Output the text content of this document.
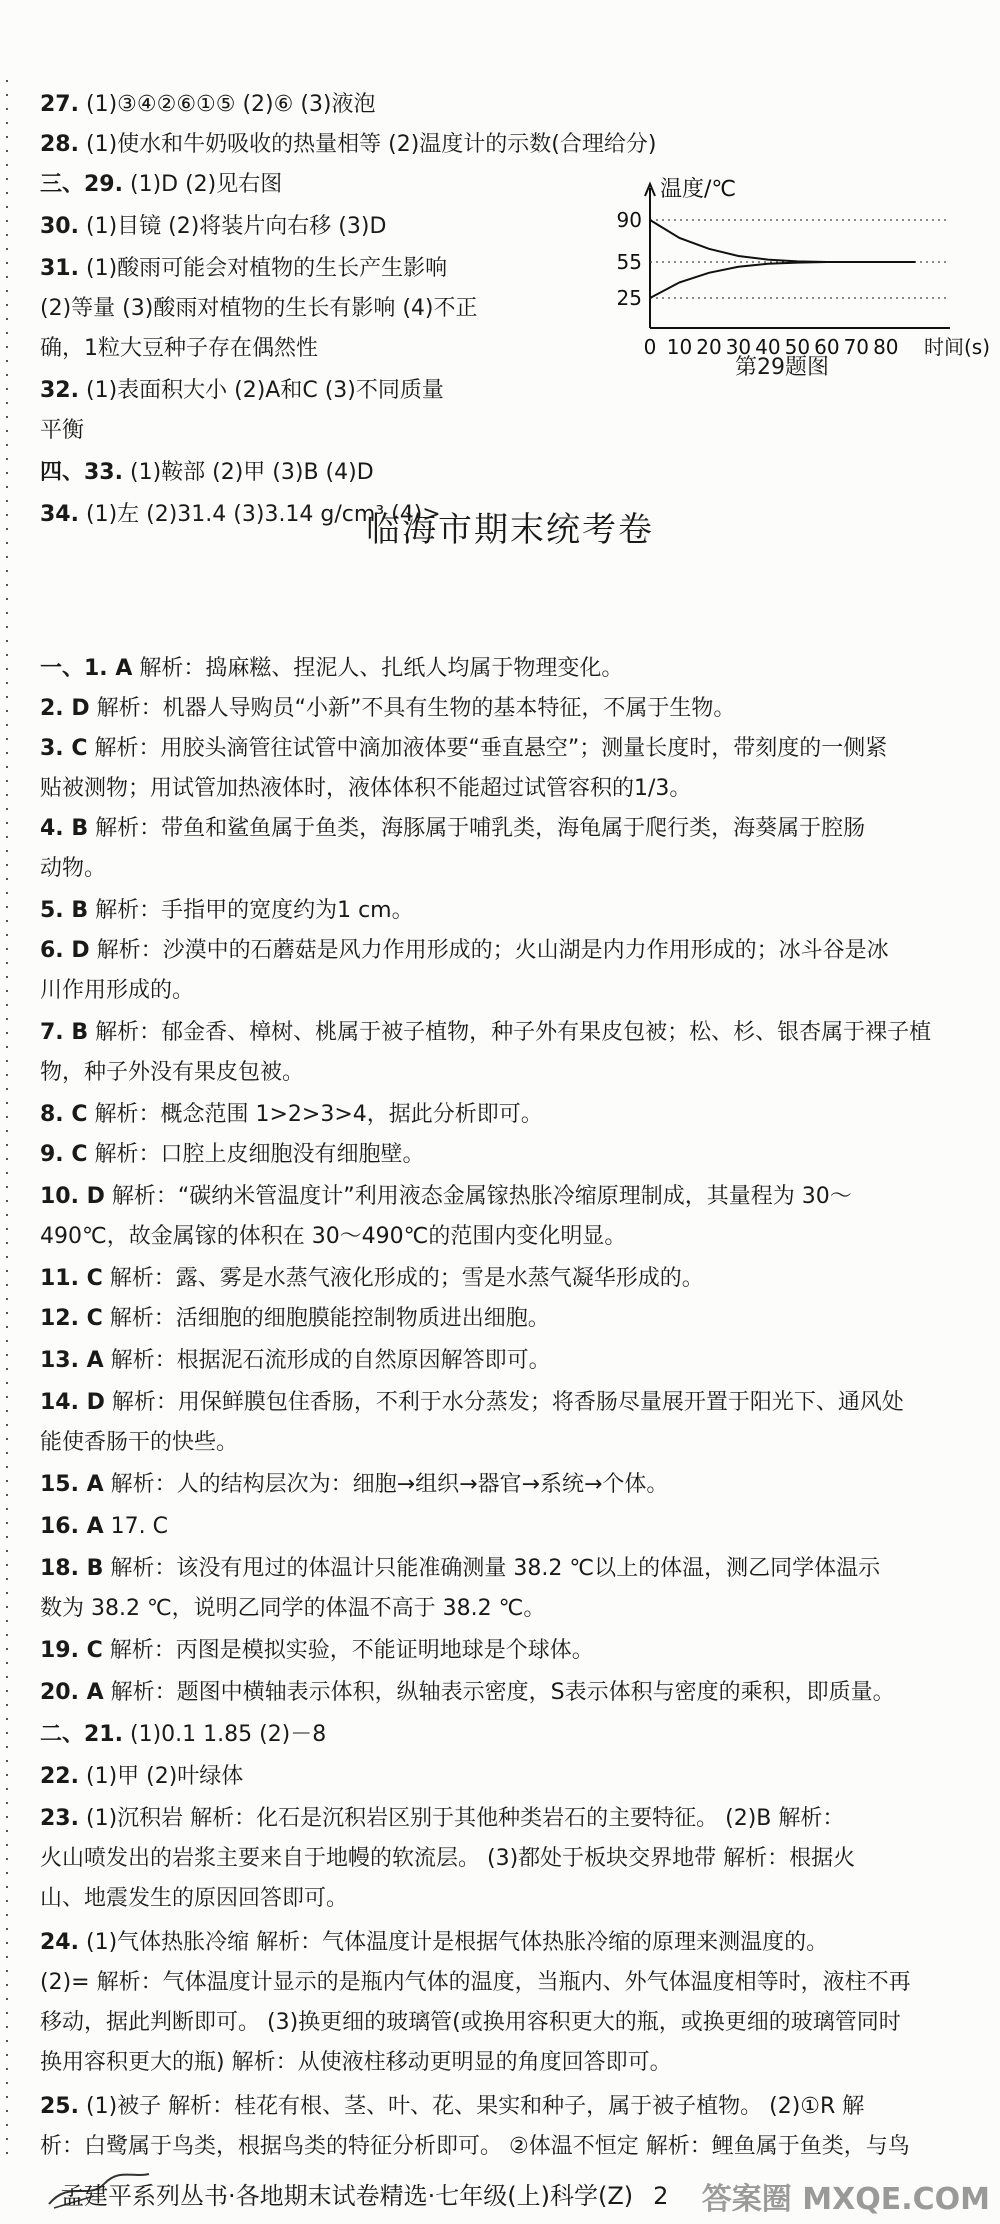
27. (1)③④②⑥①⑤ (2)⑥ (3)液泡
28. (1)使水和牛奶吸收的热量相等 (2)温度计的示数(合理给分)
三、29. (1)D (2)见右图
30. (1)目镜 (2)将装片向右移 (3)D
31. (1)酸雨可能会对植物的生长产生影响
(2)等量 (3)酸雨对植物的生长有影响 (4)不正
确，1粒大豆种子存在偶然性
32. (1)表面积大小 (2)A和C (3)不同质量
平衡
四、33. (1)鞍部 (2)甲 (3)B (4)D
34. (1)左 (2)31.4 (3)3.14 g/cm³ (4)>
温度/℃
90
55
25
0 10 20 30 40 50 60 70 80 时间(s)
第29题图
临海市期末统考卷
一、1. A 解析：捣麻糍、捏泥人、扎纸人均属于物理变化。
2. D 解析：机器人导购员“小新”不具有生物的基本特征，不属于生物。
3. C 解析：用胶头滴管往试管中滴加液体要“垂直悬空”；测量长度时，带刻度的一侧紧
贴被测物；用试管加热液体时，液体体积不能超过试管容积的1/3。
4. B 解析：带鱼和鲨鱼属于鱼类，海豚属于哺乳类，海龟属于爬行类，海葵属于腔肠
动物。
5. B 解析：手指甲的宽度约为1 cm。
6. D 解析：沙漠中的石蘑菇是风力作用形成的；火山湖是内力作用形成的；冰斗谷是冰
川作用形成的。
7. B 解析：郁金香、樟树、桃属于被子植物，种子外有果皮包被；松、杉、银杏属于裸子植
物，种子外没有果皮包被。
8. C 解析：概念范围 1>2>3>4，据此分析即可。
9. C 解析：口腔上皮细胞没有细胞壁。
10. D 解析：“碳纳米管温度计”利用液态金属镓热胀冷缩原理制成，其量程为 30～
490℃，故金属镓的体积在 30～490℃的范围内变化明显。
11. C 解析：露、雾是水蒸气液化形成的；雪是水蒸气凝华形成的。
12. C 解析：活细胞的细胞膜能控制物质进出细胞。
13. A 解析：根据泥石流形成的自然原因解答即可。
14. D 解析：用保鲜膜包住香肠，不利于水分蒸发；将香肠尽量展开置于阳光下、通风处
能使香肠干的快些。
15. A 解析：人的结构层次为：细胞→组织→器官→系统→个体。
16. A 17. C
18. B 解析：该没有甩过的体温计只能准确测量 38.2 ℃以上的体温，测乙同学体温示
数为 38.2 ℃，说明乙同学的体温不高于 38.2 ℃。
19. C 解析：丙图是模拟实验，不能证明地球是个球体。
20. A 解析：题图中横轴表示体积，纵轴表示密度，S表示体积与密度的乘积，即质量。
二、21. (1)0.1 1.85 (2)－8
22. (1)甲 (2)叶绿体
23. (1)沉积岩 解析：化石是沉积岩区别于其他种类岩石的主要特征。 (2)B 解析：
火山喷发出的岩浆主要来自于地幔的软流层。 (3)都处于板块交界地带 解析：根据火
山、地震发生的原因回答即可。
24. (1)气体热胀冷缩 解析：气体温度计是根据气体热胀冷缩的原理来测温度的。
(2)= 解析：气体温度计显示的是瓶内气体的温度，当瓶内、外气体温度相等时，液柱不再
移动，据此判断即可。 (3)换更细的玻璃管(或换用容积更大的瓶，或换更细的玻璃管同时
换用容积更大的瓶) 解析：从使液柱移动更明显的角度回答即可。
25. (1)被子 解析：桂花有根、茎、叶、花、果实和种子，属于被子植物。 (2)①R 解
析：白鹭属于鸟类，根据鸟类的特征分析即可。 ②体温不恒定 解析：鲤鱼属于鱼类，与鸟
孟建平系列丛书·各地期末试卷精选·七年级(上)科学(Z) 2 答案圈 MXQE.COM
